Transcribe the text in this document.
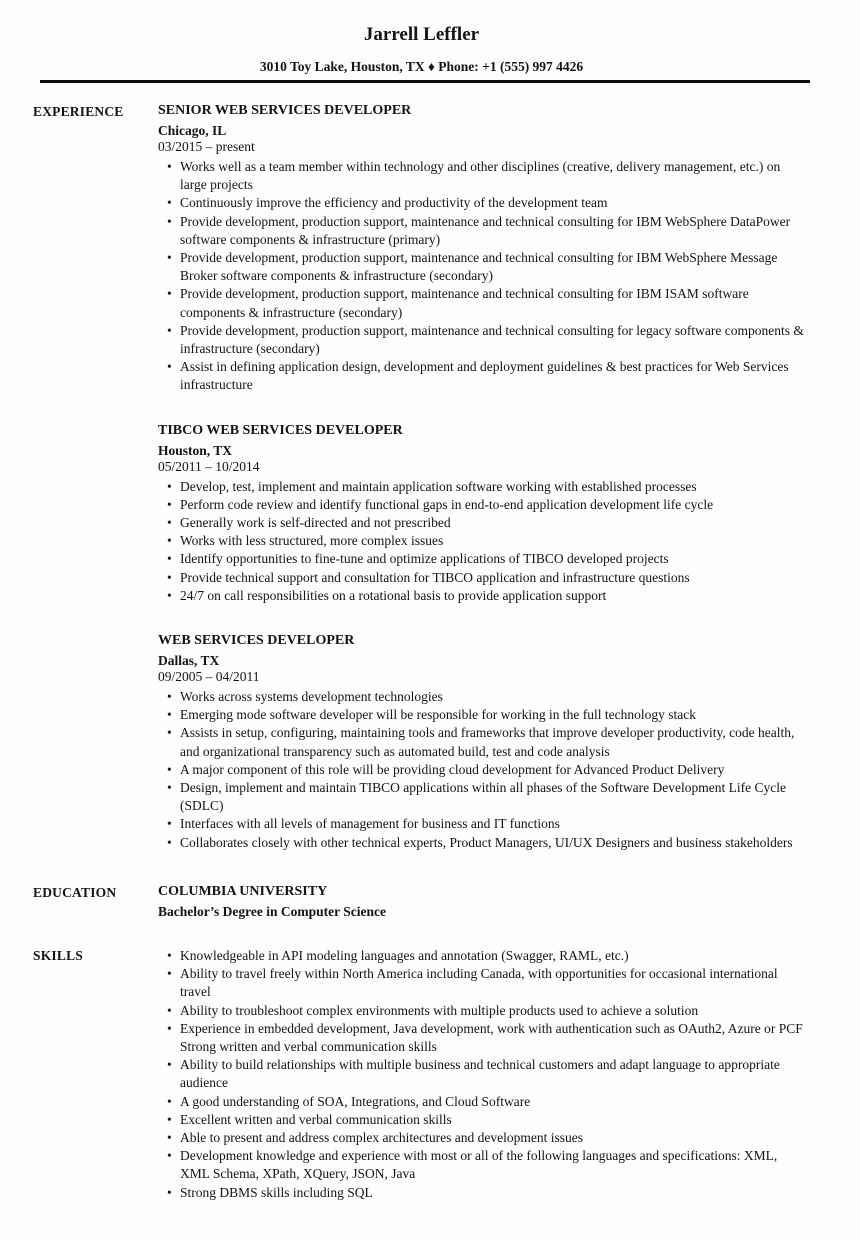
Jarrell Leffler
3010 Toy Lake, Houston, TX ♦ Phone: +1 (555) 997 4426
EXPERIENCE	SENIOR WEB SERVICES DEVELOPER
Chicago, IL
03/2015 – present
• Works well as a team member within technology and other disciplines (creative, delivery management, etc.) on large projects
• Continuously improve the efficiency and productivity of the development team
• Provide development, production support, maintenance and technical consulting for IBM WebSphere DataPower software components & infrastructure (primary)
• Provide development, production support, maintenance and technical consulting for IBM WebSphere Message Broker software components & infrastructure (secondary)
• Provide development, production support, maintenance and technical consulting for IBM ISAM software components & infrastructure (secondary)
• Provide development, production support, maintenance and technical consulting for legacy software components & infrastructure (secondary)
• Assist in defining application design, development and deployment guidelines & best practices for Web Services infrastructure
TIBCO WEB SERVICES DEVELOPER
Houston, TX
05/2011 – 10/2014
• Develop, test, implement and maintain application software working with established processes
• Perform code review and identify functional gaps in end-to-end application development life cycle
• Generally work is self-directed and not prescribed
• Works with less structured, more complex issues
• Identify opportunities to fine-tune and optimize applications of TIBCO developed projects
• Provide technical support and consultation for TIBCO application and infrastructure questions
• 24/7 on call responsibilities on a rotational basis to provide application support
WEB SERVICES DEVELOPER
Dallas, TX
09/2005 – 04/2011
• Works across systems development technologies
• Emerging mode software developer will be responsible for working in the full technology stack
• Assists in setup, configuring, maintaining tools and frameworks that improve developer productivity, code health, and organizational transparency such as automated build, test and code analysis
• A major component of this role will be providing cloud development for Advanced Product Delivery
• Design, implement and maintain TIBCO applications within all phases of the Software Development Life Cycle (SDLC)
• Interfaces with all levels of management for business and IT functions
• Collaborates closely with other technical experts, Product Managers, UI/UX Designers and business stakeholders
EDUCATION	COLUMBIA UNIVERSITY
Bachelor’s Degree in Computer Science
SKILLS	• Knowledgeable in API modeling languages and annotation (Swagger, RAML, etc.)
• Ability to travel freely within North America including Canada, with opportunities for occasional international travel
• Ability to troubleshoot complex environments with multiple products used to achieve a solution
• Experience in embedded development, Java development, work with authentication such as OAuth2, Azure or PCF Strong written and verbal communication skills
• Ability to build relationships with multiple business and technical customers and adapt language to appropriate audience
• A good understanding of SOA, Integrations, and Cloud Software
• Excellent written and verbal communication skills
• Able to present and address complex architectures and development issues
• Development knowledge and experience with most or all of the following languages and specifications: XML, XML Schema, XPath, XQuery, JSON, Java
• Strong DBMS skills including SQL
